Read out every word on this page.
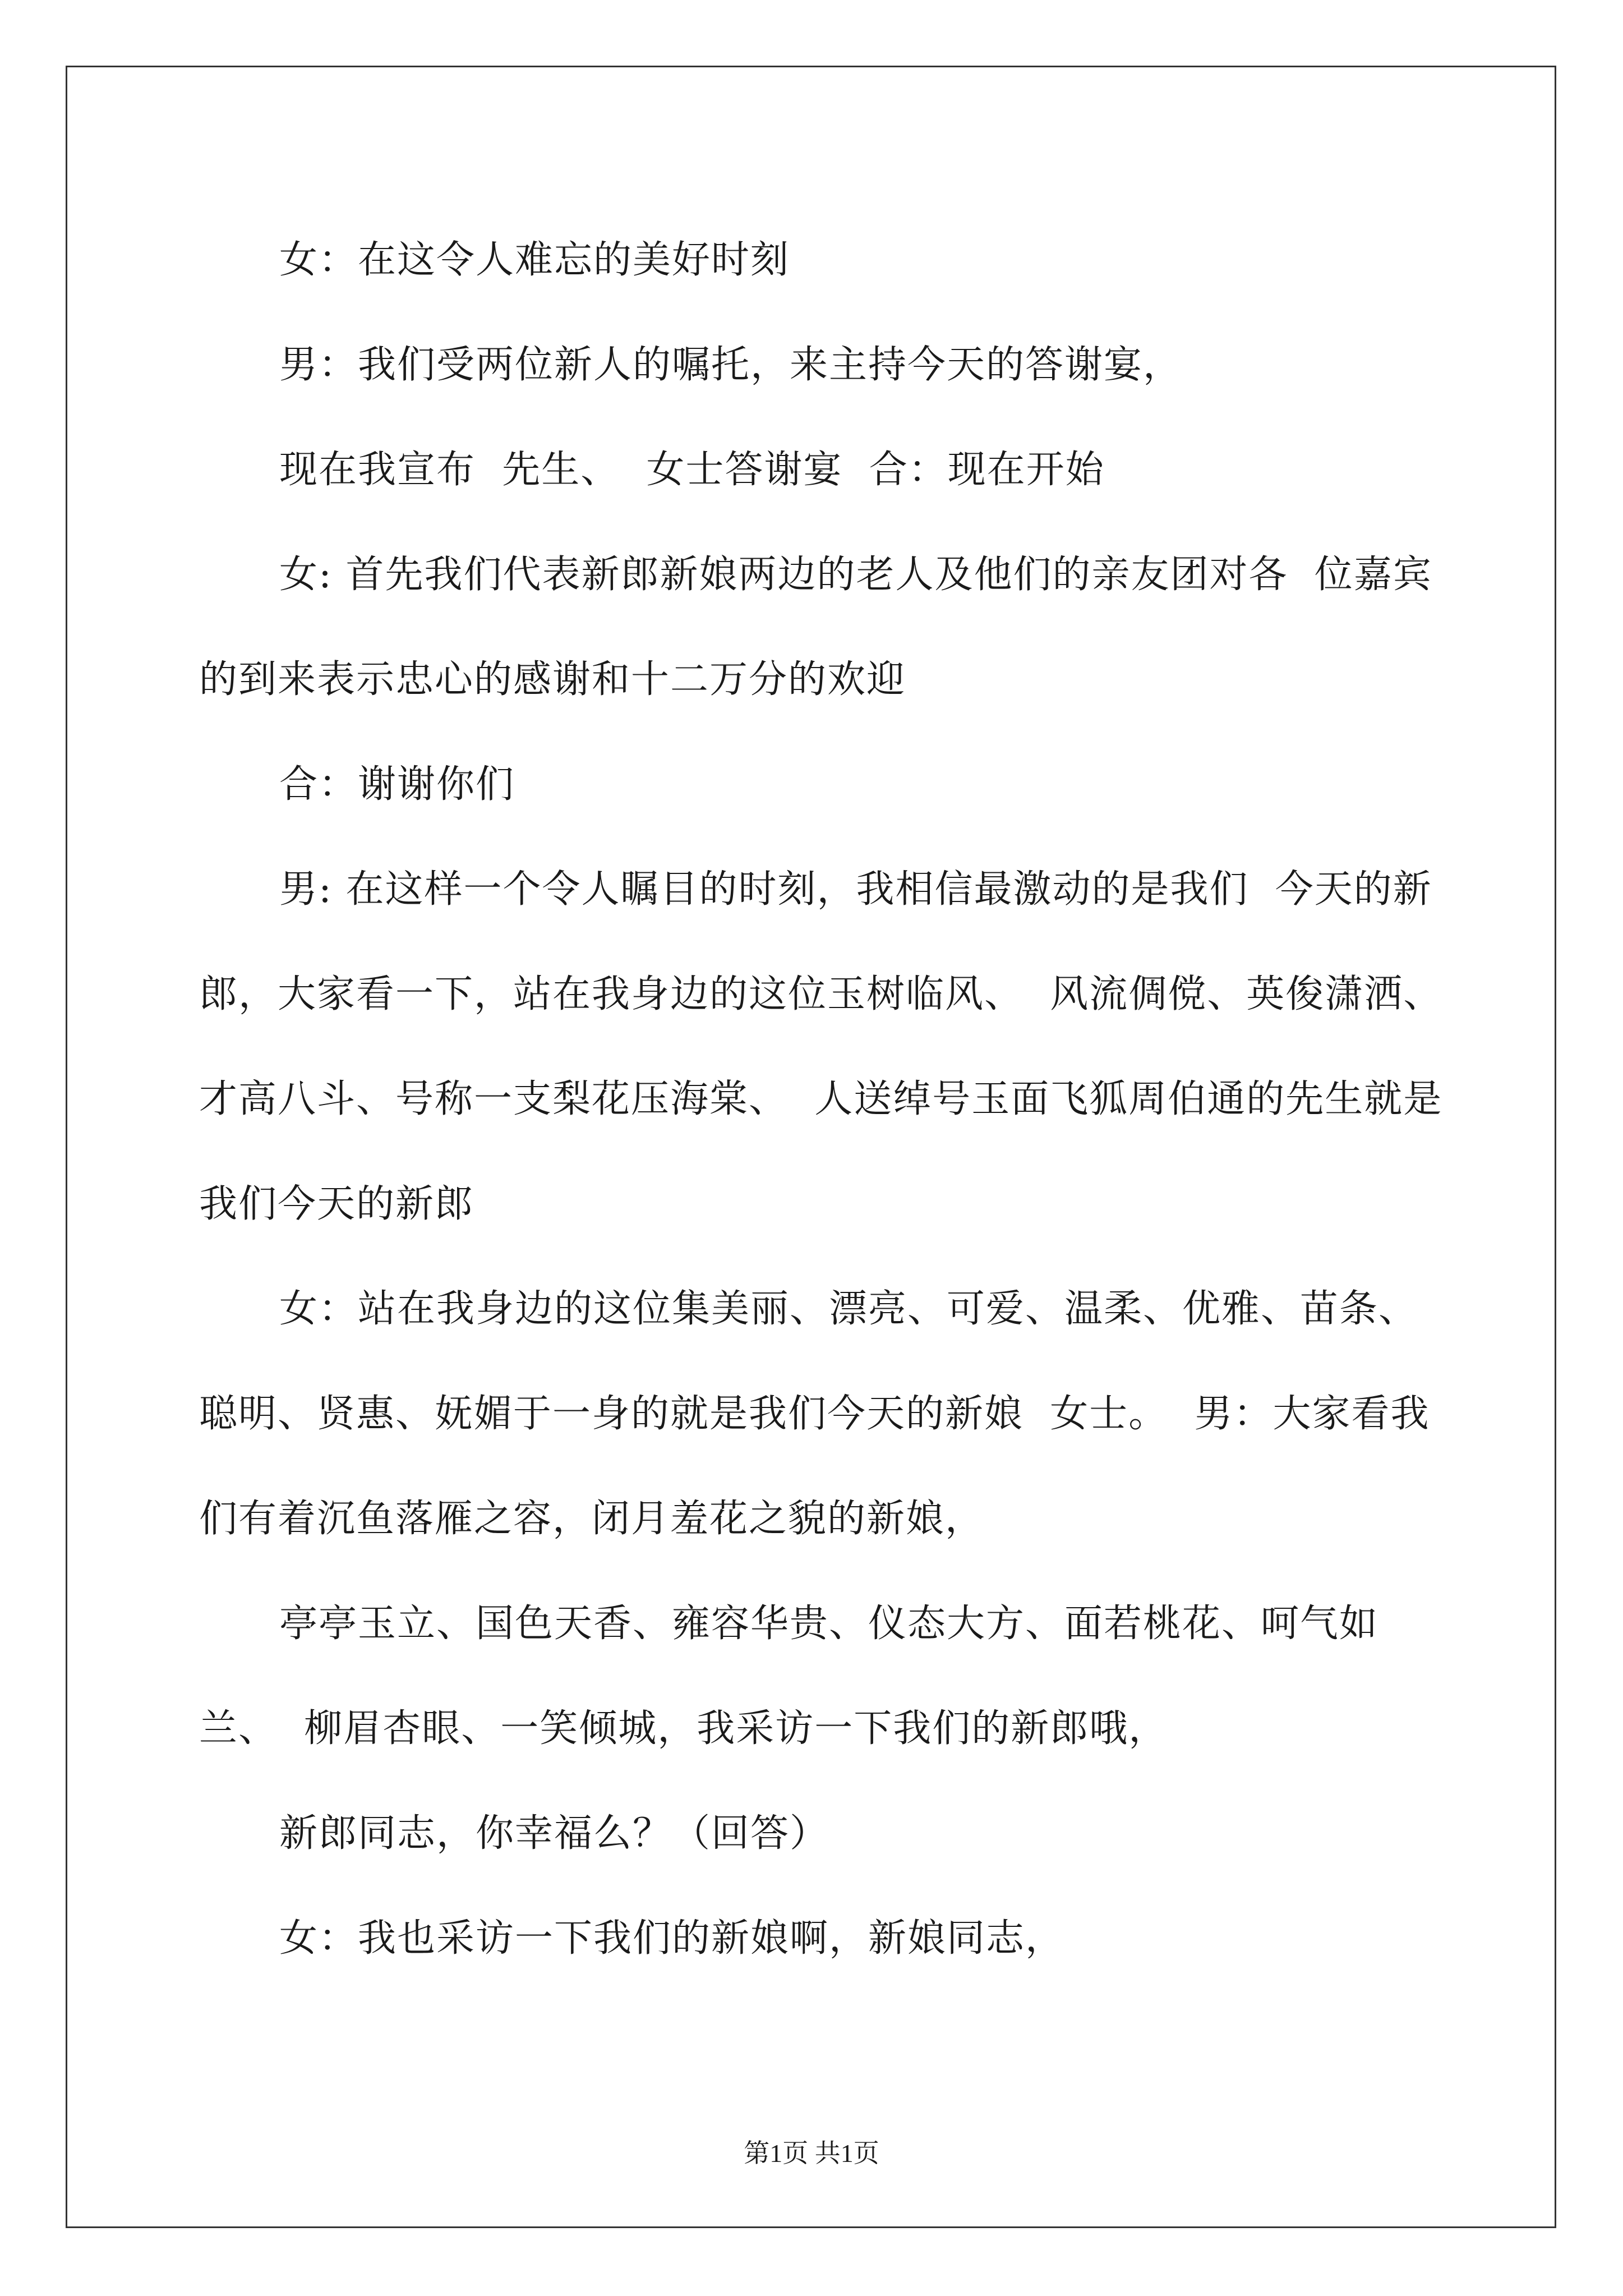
女：在这令人难忘的美好时刻

男：我们受两位新人的嘱托，来主持今天的答谢宴，

现在我宣布  先生、  女士答谢宴  合：现在开始

女: 首先我们代表新郎新娘两边的老人及他们的亲友团对各  位嘉宾的到来表示忠心的感谢和十二万分的欢迎

合：谢谢你们

男: 在这样一个令人瞩目的时刻，我相信最激动的是我们  今天的新郎，大家看一下，站在我身边的这位玉树临风、  风流倜傥、英俊潇洒、才高八斗、号称一支梨花压海棠、  人送绰号玉面飞狐周伯通的先生就是我们今天的新郎

女：站在我身边的这位集美丽、漂亮、可爱、温柔、优雅、苗条、聪明、贤惠、妩媚于一身的就是我们今天的新娘  女士。  男：大家看我们有着沉鱼落雁之容，闭月羞花之貌的新娘，

亭亭玉立、国色天香、雍容华贵、仪态大方、面若桃花、呵气如兰、  柳眉杏眼、一笑倾城，我采访一下我们的新郎哦，

新郎同志，你幸福么？（回答）

女：我也采访一下我们的新娘啊，新娘同志，

第1页 共1页
